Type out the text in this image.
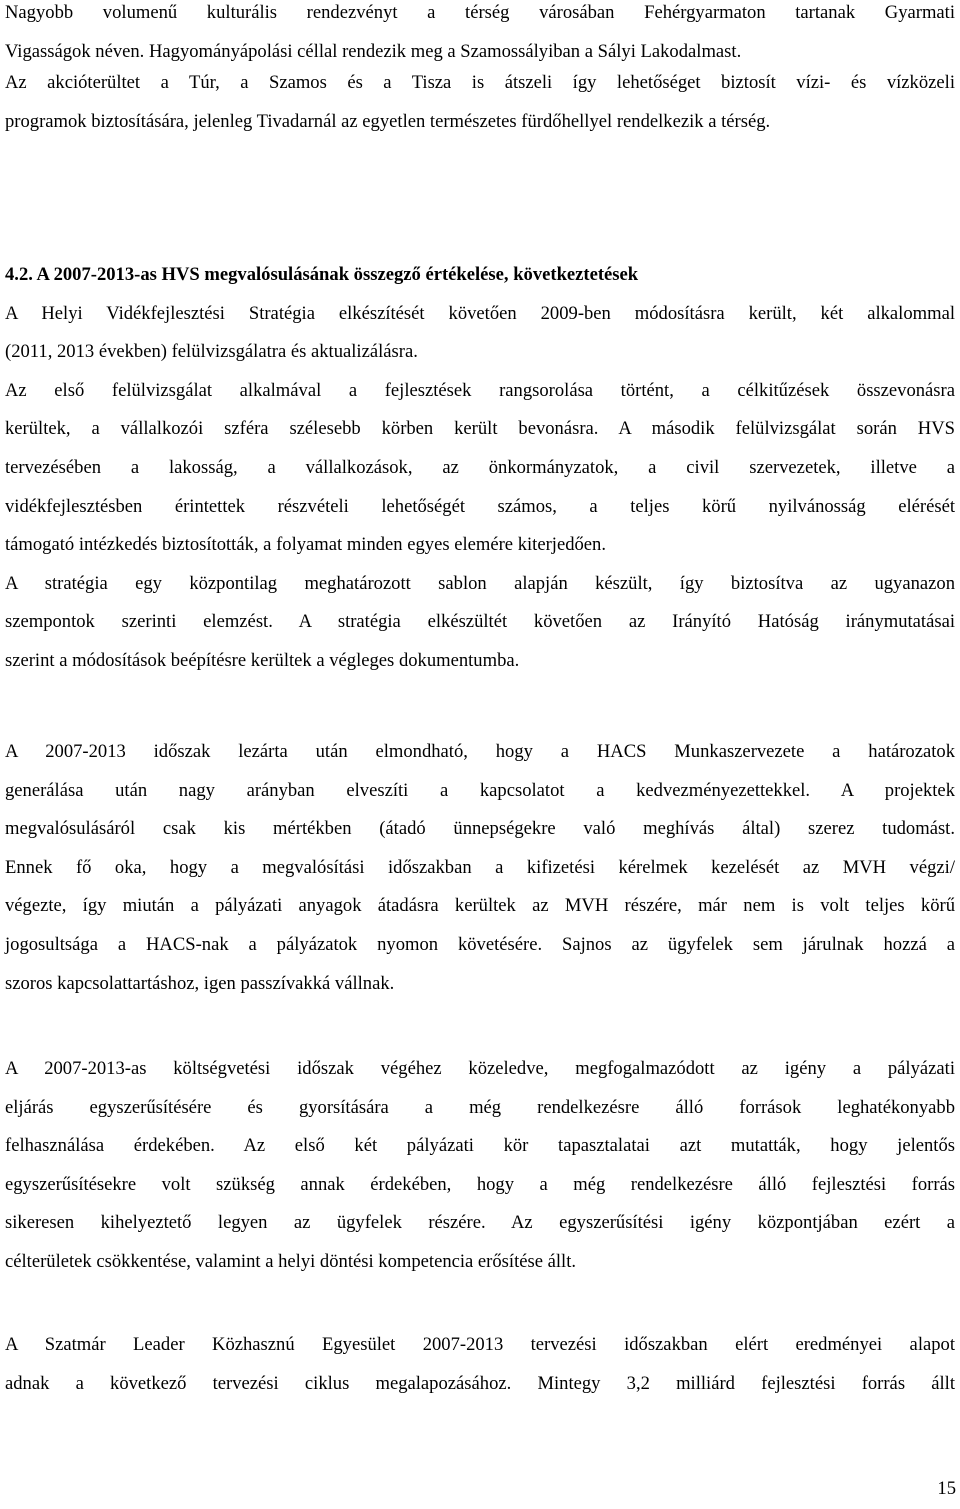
Nagyobb volumenű kulturális rendezvényt a térség városában Fehérgyarmaton tartanak Gyarmati
Vigasságok néven. Hagyományápolási céllal rendezik meg a Szamossályiban a Sályi Lakodalmast.
Az akcióterültet a Túr, a Szamos és a Tisza is átszeli így lehetőséget biztosít vízi- és vízközeli
programok biztosítására, jelenleg Tivadarnál az egyetlen természetes fürdőhellyel rendelkezik a térség.
4.2. A 2007-2013-as HVS megvalósulásának összegző értékelése, következtetések
A Helyi Vidékfejlesztési Stratégia elkészítését követően 2009-ben módosításra került, két alkalommal
(2011, 2013 években) felülvizsgálatra és aktualizálásra.
Az első felülvizsgálat alkalmával a fejlesztések rangsorolása történt, a célkitűzések összevonásra
kerültek, a vállalkozói szféra szélesebb körben került bevonásra. A második felülvizsgálat során HVS
tervezésében a lakosság, a vállalkozások, az önkormányzatok, a civil szervezetek, illetve a
vidékfejlesztésben érintettek részvételi lehetőségét számos, a teljes körű nyilvánosság elérését
támogató intézkedés biztosították, a folyamat minden egyes elemére kiterjedően.
A stratégia egy központilag meghatározott sablon alapján készült, így biztosítva az ugyanazon
szempontok szerinti elemzést. A stratégia elkészültét követően az Irányító Hatóság iránymutatásai
szerint a módosítások beépítésre kerültek a végleges dokumentumba.
A 2007-2013 időszak lezárta után elmondható, hogy a HACS Munkaszervezete a határozatok
generálása után nagy arányban elveszíti a kapcsolatot a kedvezményezettekkel. A projektek
megvalósulásáról csak kis mértékben (átadó ünnepségekre való meghívás által) szerez tudomást.
Ennek fő oka, hogy a megvalósítási időszakban a kifizetési kérelmek kezelését az MVH végzi/
végezte, így miután a pályázati anyagok átadásra kerültek az MVH részére, már nem is volt teljes körű
jogosultsága a HACS-nak a pályázatok nyomon követésére. Sajnos az ügyfelek sem járulnak hozzá a
szoros kapcsolattartáshoz, igen passzívakká vállnak.
A 2007-2013-as költségvetési időszak végéhez közeledve, megfogalmazódott az igény a pályázati
eljárás egyszerűsítésére és gyorsítására a még rendelkezésre álló források leghatékonyabb
felhasználása érdekében. Az első két pályázati kör tapasztalatai azt mutatták, hogy jelentős
egyszerűsítésekre volt szükség annak érdekében, hogy a még rendelkezésre álló fejlesztési forrás
sikeresen kihelyeztető legyen az ügyfelek részére. Az egyszerűsítési igény központjában ezért a
célterületek csökkentése, valamint a helyi döntési kompetencia erősítése állt.
A Szatmár Leader Közhasznú Egyesület 2007-2013 tervezési időszakban elért eredményei alapot
adnak a következő tervezési ciklus megalapozásához. Mintegy 3,2 milliárd fejlesztési forrás állt
15
